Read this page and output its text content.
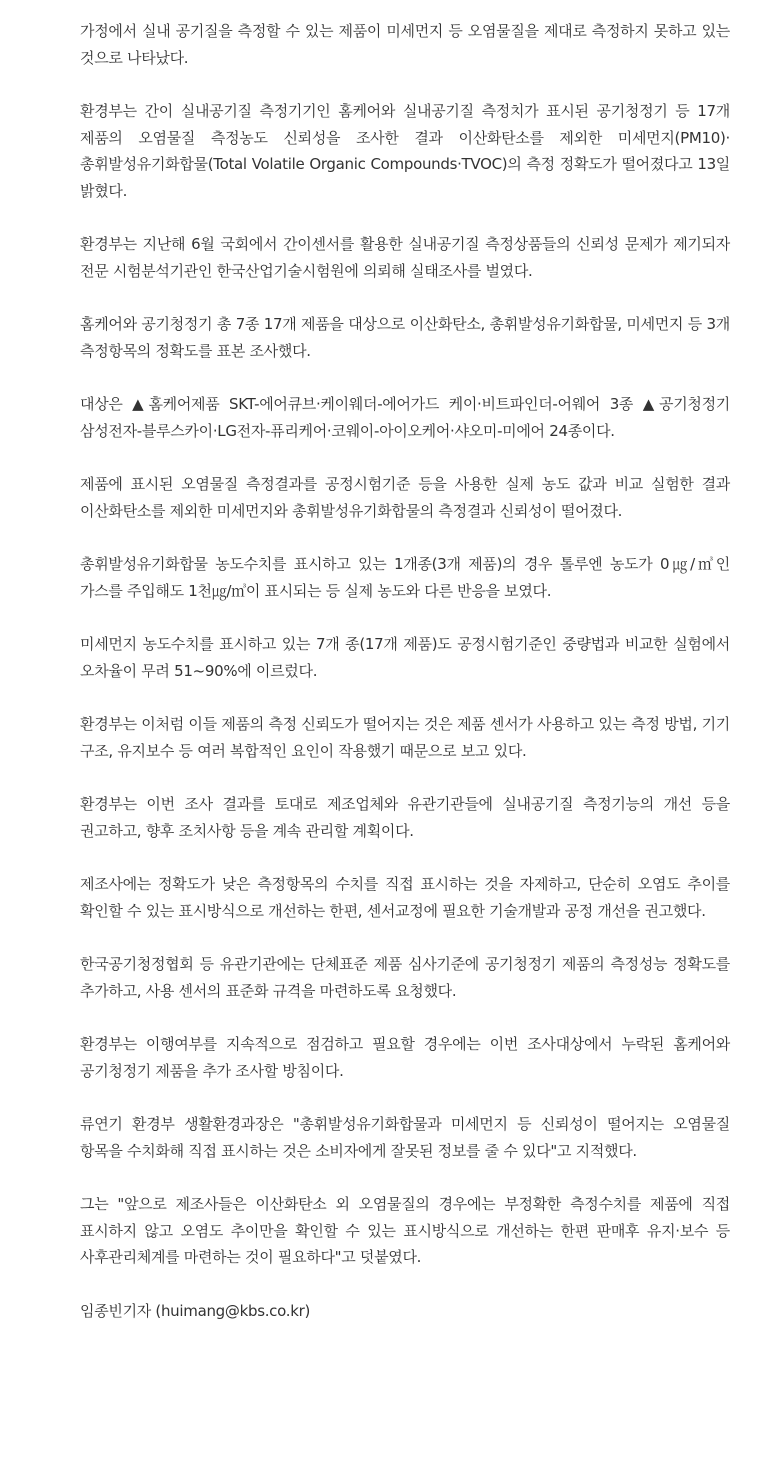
가정에서 실내 공기질을 측정할 수 있는 제품이 미세먼지 등 오염물질을 제대로 측정하지 못하고 있는 것으로 나타났다.

환경부는 간이 실내공기질 측정기기인 홈케어와 실내공기질 측정치가 표시된 공기청정기 등 17개 제품의 오염물질 측정농도 신뢰성을 조사한 결과 이산화탄소를 제외한 미세먼지(PM10)·총휘발성유기화합물(Total Volatile Organic Compounds·TVOC)의 측정 정확도가 떨어졌다고 13일 밝혔다.

환경부는 지난해 6월 국회에서 간이센서를 활용한 실내공기질 측정상품들의 신뢰성 문제가 제기되자 전문 시험분석기관인 한국산업기술시험원에 의뢰해 실태조사를 벌였다.

홈케어와 공기청정기 총 7종 17개 제품을 대상으로 이산화탄소, 총휘발성유기화합물, 미세먼지 등 3개 측정항목의 정확도를 표본 조사했다.

대상은 ▲홈케어제품 SKT-에어큐브·케이웨더-에어가드 케이·비트파인더-어웨어 3종 ▲공기청정기 삼성전자-블루스카이·LG전자-퓨리케어·코웨이-아이오케어·샤오미-미에어 24종이다.

제품에 표시된 오염물질 측정결과를 공정시험기준 등을 사용한 실제 농도 값과 비교 실험한 결과 이산화탄소를 제외한 미세먼지와 총휘발성유기화합물의 측정결과 신뢰성이 떨어졌다.

총휘발성유기화합물 농도수치를 표시하고 있는 1개종(3개 제품)의 경우 톨루엔 농도가 0㎍/㎥인 가스를 주입해도 1천㎍/㎥이 표시되는 등 실제 농도와 다른 반응을 보였다.

미세먼지 농도수치를 표시하고 있는 7개 종(17개 제품)도 공정시험기준인 중량법과 비교한 실험에서 오차율이 무려 51~90%에 이르렀다.

환경부는 이처럼 이들 제품의 측정 신뢰도가 떨어지는 것은 제품 센서가 사용하고 있는 측정 방법, 기기 구조, 유지보수 등 여러 복합적인 요인이 작용했기 때문으로 보고 있다.

환경부는 이번 조사 결과를 토대로 제조업체와 유관기관들에 실내공기질 측정기능의 개선 등을 권고하고, 향후 조치사항 등을 계속 관리할 계획이다.

제조사에는 정확도가 낮은 측정항목의 수치를 직접 표시하는 것을 자제하고, 단순히 오염도 추이를 확인할 수 있는 표시방식으로 개선하는 한편, 센서교정에 필요한 기술개발과 공정 개선을 권고했다.

한국공기청정협회 등 유관기관에는 단체표준 제품 심사기준에 공기청정기 제품의 측정성능 정확도를 추가하고, 사용 센서의 표준화 규격을 마련하도록 요청했다.

환경부는 이행여부를 지속적으로 점검하고 필요할 경우에는 이번 조사대상에서 누락된 홈케어와 공기청정기 제품을 추가 조사할 방침이다.

류연기 환경부 생활환경과장은 "총휘발성유기화합물과 미세먼지 등 신뢰성이 떨어지는 오염물질 항목을 수치화해 직접 표시하는 것은 소비자에게 잘못된 정보를 줄 수 있다"고 지적했다.

그는 "앞으로 제조사들은 이산화탄소 외 오염물질의 경우에는 부정확한 측정수치를 제품에 직접 표시하지 않고 오염도 추이만을 확인할 수 있는 표시방식으로 개선하는 한편 판매후 유지·보수 등 사후관리체계를 마련하는 것이 필요하다"고 덧붙였다.

임종빈기자 (huimang@kbs.co.kr)
